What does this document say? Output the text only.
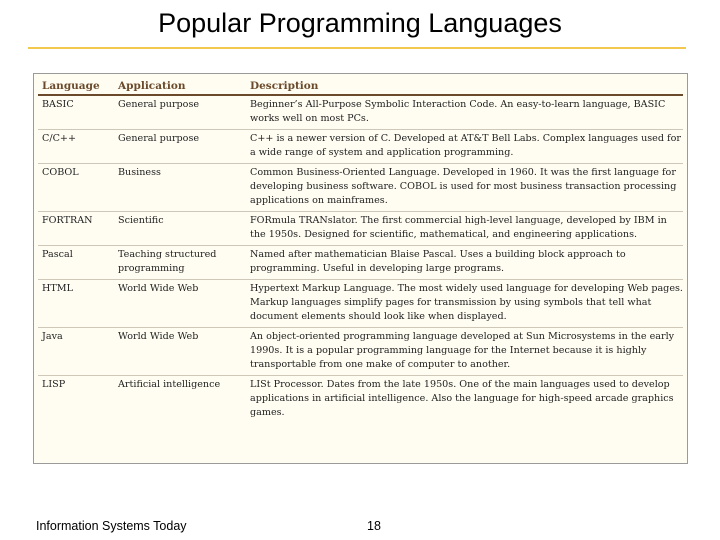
Popular Programming Languages
Language	Application	Description
BASIC	General purpose	Beginner’s All-Purpose Symbolic Interaction Code. An easy-to-learn language, BASIC works well on most PCs.
C/C++	General purpose	C++ is a newer version of C. Developed at AT&T Bell Labs. Complex languages used for a wide range of system and application programming.
COBOL	Business	Common Business-Oriented Language. Developed in 1960. It was the first language for developing business software. COBOL is used for most business transaction processing applications on mainframes.
FORTRAN	Scientific	FORmula TRANslator. The first commercial high-level language, developed by IBM in the 1950s. Designed for scientific, mathematical, and engineering applications.
Pascal	Teaching structured programming	Named after mathematician Blaise Pascal. Uses a building block approach to programming. Useful in developing large programs.
HTML	World Wide Web	Hypertext Markup Language. The most widely used language for developing Web pages. Markup languages simplify pages for transmission by using symbols that tell what document elements should look like when displayed.
Java	World Wide Web	An object-oriented programming language developed at Sun Microsystems in the early 1990s. It is a popular programming language for the Internet because it is highly transportable from one make of computer to another.
LISP	Artificial intelligence	LISt Processor. Dates from the late 1950s. One of the main languages used to develop applications in artificial intelligence. Also the language for high-speed arcade graphics games.
Information Systems Today	18
